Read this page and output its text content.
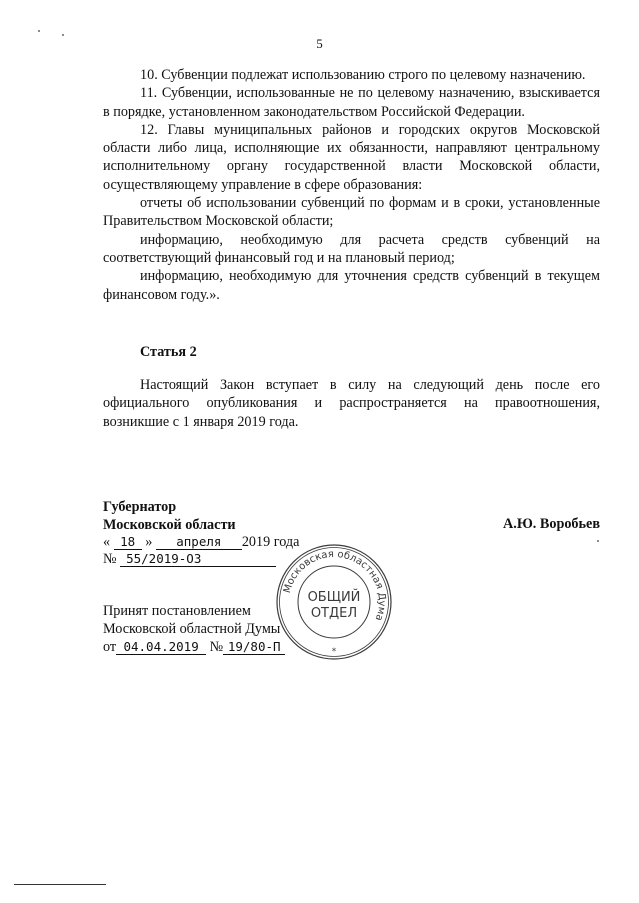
5

10. Субвенции подлежат использованию строго по целевому назначению.

11. Субвенции, использованные не по целевому назначению, взыскивается в порядке, установленном законодательством Российской Федерации.

12. Главы муниципальных районов и городских округов Московской области либо лица, исполняющие их обязанности, направляют центральному исполнительному органу государственной власти Московской области, осуществляющему управление в сфере образования:

отчеты об использовании субвенций по формам и в сроки, установленные Правительством Московской области;

информацию, необходимую для расчета средств субвенций на соответствующий финансовый год и на плановый период;

информацию, необходимую для уточнения средств субвенций в текущем финансовом году.».

Статья 2

Настоящий Закон вступает в силу на следующий день после его официального опубликования и распространяется на правоотношения, возникшие с 1 января 2019 года.

Губернатор
Московской области	А.Ю. Воробьев
« 18 » апреля 2019 года
№ 55/2019-ОЗ
Принят постановлением
Московской областной Думы
от 04.04.2019 № 19/80-П
Московская областная Дума
ОБЩИЙ
ОТДЕЛ
*
